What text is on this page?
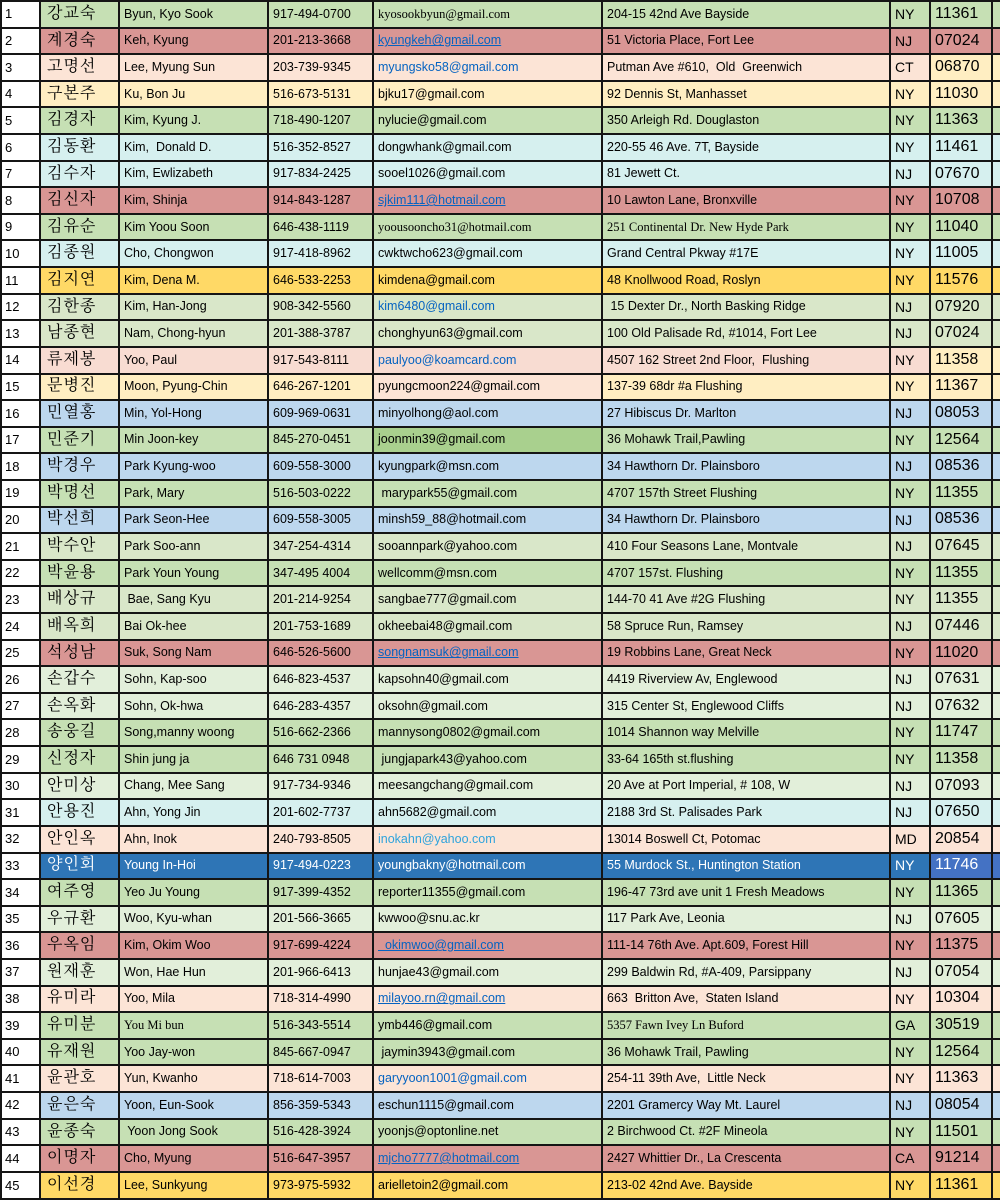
1	강교숙	Byun, Kyo Sook	917-494-0700	kyosookbyun@gmail.com	204-15 42nd Ave Bayside	NY	11361	
2	계경숙	Keh, Kyung	201-213-3668	kyungkeh@gmail.com	51 Victoria Place, Fort Lee	NJ	07024	
3	고명선	Lee, Myung Sun	203-739-9345	myungsko58@gmail.com	Putman Ave #610,  Old  Greenwich	CT	06870	
4	구본주	Ku, Bon Ju	516-673-5131	bjku17@gmail.com	92 Dennis St, Manhasset	NY	11030	
5	김경자	Kim, Kyung J.	718-490-1207	nylucie@gmail.com	350 Arleigh Rd. Douglaston	NY	11363	
6	김동환	Kim,  Donald D.	516-352-8527	dongwhank@gmail.com	220-55 46 Ave. 7T, Bayside	NY	11461	
7	김수자	Kim, Ewlizabeth	917-834-2425	sooel1026@gmail.com	81 Jewett Ct.	NJ	07670	
8	김신자	Kim, Shinja	914-843-1287	sjkim111@hotmail.com	10 Lawton Lane, Bronxville	NY	10708	
9	김유순	Kim Yoou Soon	646-438-1119	yoousooncho31@hotmail.com	251 Continental Dr. New Hyde Park	NY	11040	
10	김종원	Cho, Chongwon	917-418-8962	cwktwcho623@gmail.com	Grand Central Pkway #17E	NY	11005	
11	김지연	Kim, Dena M.	646-533-2253	kimdena@gmail.com	48 Knollwood Road, Roslyn	NY	11576	
12	김한종	Kim, Han-Jong	908-342-5560	kim6480@gmail.com	15 Dexter Dr., North Basking Ridge	NJ	07920	
13	남종현	Nam, Chong-hyun	201-388-3787	chonghyun63@gmail.com	100 Old Palisade Rd, #1014, Fort Lee	NJ	07024	
14	류제봉	Yoo, Paul	917-543-8111	paulyoo@koamcard.com	4507 162 Street 2nd Floor,  Flushing	NY	11358	
15	문병진	Moon, Pyung-Chin	646-267-1201	pyungcmoon224@gmail.com	137-39 68dr #a Flushing	NY	11367	
16	민열홍	Min, Yol-Hong	609-969-0631	minyolhong@aol.com	27 Hibiscus Dr. Marlton	NJ	08053	
17	민준기	Min Joon-key	845-270-0451	joonmin39@gmail.com	36 Mohawk Trail,Pawling	NY	12564	
18	박경우	Park Kyung-woo	609-558-3000	kyungpark@msn.com	34 Hawthorn Dr. Plainsboro	NJ	08536	
19	박명선	Park, Mary	516-503-0222	marypark55@gmail.com	4707 157th Street Flushing	NY	11355	
20	박선희	Park Seon-Hee	609-558-3005	minsh59_88@hotmail.com	34 Hawthorn Dr. Plainsboro	NJ	08536	
21	박수안	Park Soo-ann	347-254-4314	sooannpark@yahoo.com	410 Four Seasons Lane, Montvale	NJ	07645	
22	박윤용	Park Youn Young	347-495 4004	wellcomm@msn.com	4707 157st. Flushing	NY	11355	
23	배상규	Bae, Sang Kyu	201-214-9254	sangbae777@gmail.com	144-70 41 Ave #2G Flushing	NY	11355	
24	배옥희	Bai Ok-hee	201-753-1689	okheebai48@gmail.com	58 Spruce Run, Ramsey	NJ	07446	
25	석성남	Suk, Song Nam	646-526-5600	songnamsuk@gmail.com	19 Robbins Lane, Great Neck	NY	11020	
26	손갑수	Sohn, Kap-soo	646-823-4537	kapsohn40@gmail.com	4419 Riverview Av, Englewood	NJ	07631	
27	손옥화	Sohn, Ok-hwa	646-283-4357	oksohn@gmail.com	315 Center St, Englewood Cliffs	NJ	07632	
28	송웅길	Song,manny woong	516-662-2366	mannysong0802@gmail.com	1014 Shannon way Melville	NY	11747	
29	신정자	Shin jung ja	646 731 0948	jungjapark43@yahoo.com	33-64 165th st.flushing	NY	11358	
30	안미상	Chang, Mee Sang	917-734-9346	meesangchang@gmail.com	20 Ave at Port Imperial, # 108, W	NJ	07093	
31	안용진	Ahn, Yong Jin	201-602-7737	ahn5682@gmail.com	2188 3rd St. Palisades Park	NJ	07650	
32	안인옥	Ahn, Inok	240-793-8505	inokahn@yahoo.com	13014 Boswell Ct, Potomac	MD	20854	
33	양인회	Young In-Hoi	917-494-0223	youngbakny@hotmail.com	55 Murdock St., Huntington Station	NY	11746	
34	여주영	Yeo Ju Young	917-399-4352	reporter11355@gmail.com	196-47 73rd ave unit 1 Fresh Meadows	NY	11365	
35	우규환	Woo, Kyu-whan	201-566-3665	kwwoo@snu.ac.kr	117 Park Ave, Leonia	NJ	07605	
36	우옥임	Kim, Okim Woo	917-699-4224	okimwoo@gmail.com	111-14 76th Ave. Apt.609, Forest Hill	NY	11375	
37	원재훈	Won, Hae Hun	201-966-6413	hunjae43@gmail.com	299 Baldwin Rd, #A-409, Parsippany	NJ	07054	
38	유미라	Yoo, Mila	718-314-4990	milayoo.rn@gmail.com	663  Britton Ave,  Staten Island	NY	10304	
39	유미분	You Mi bun	516-343-5514	ymb446@gmail.com	5357 Fawn Ivey Ln Buford	GA	30519	
40	유재원	Yoo Jay-won	845-667-0947	jaymin3943@gmail.com	36 Mohawk Trail, Pawling	NY	12564	
41	윤관호	Yun, Kwanho	718-614-7003	garyyoon1001@gmail.com	254-11 39th Ave,  Little Neck	NY	11363	
42	윤은숙	Yoon, Eun-Sook	856-359-5343	eschun1115@gmail.com	2201 Gramercy Way Mt. Laurel	NJ	08054	
43	윤종숙	Yoon Jong Sook	516-428-3924	yoonjs@optonline.net	2 Birchwood Ct. #2F Mineola	NY	11501	
44	이명자	Cho, Myung	516-647-3957	mjcho7777@hotmail.com	2427 Whittier Dr., La Crescenta	CA	91214	
45	이선경	Lee, Sunkyung	973-975-5932	arielletoin2@gmail.com	213-02 42nd Ave. Bayside	NY	11361	
